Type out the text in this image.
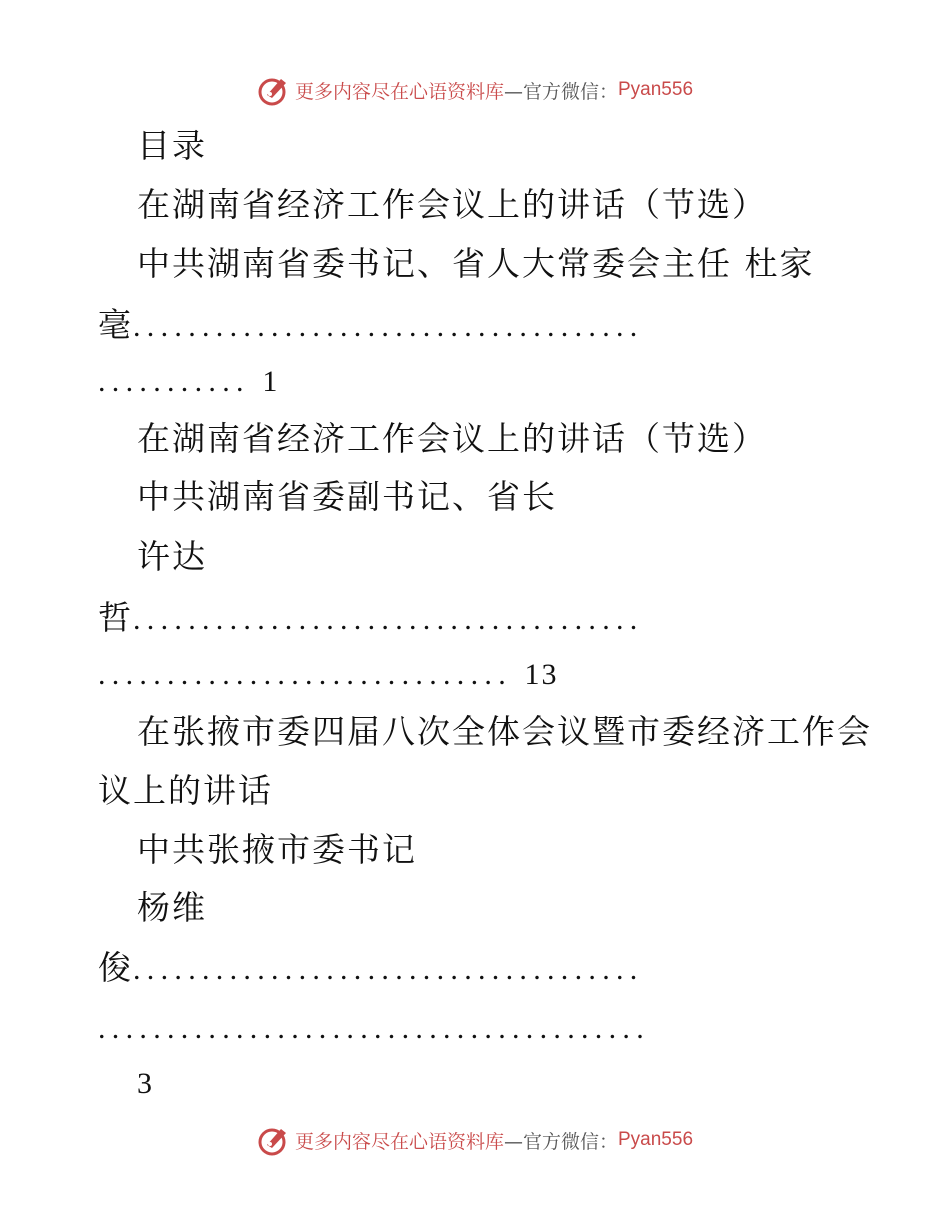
更多内容尽在心语资料库 —官方微信： Pyan556
目录
在湖南省经济工作会议上的讲话（节选）
中共湖南省委书记、省人大常委会主任 杜家
毫.....................................
........... 1
在湖南省经济工作会议上的讲话（节选）
中共湖南省委副书记、省长
许达
哲.....................................
.............................. 13
在张掖市委四届八次全体会议暨市委经济工作会
议上的讲话
中共张掖市委书记
杨维
俊.....................................
........................................
3
更多内容尽在心语资料库 —官方微信： Pyan556
